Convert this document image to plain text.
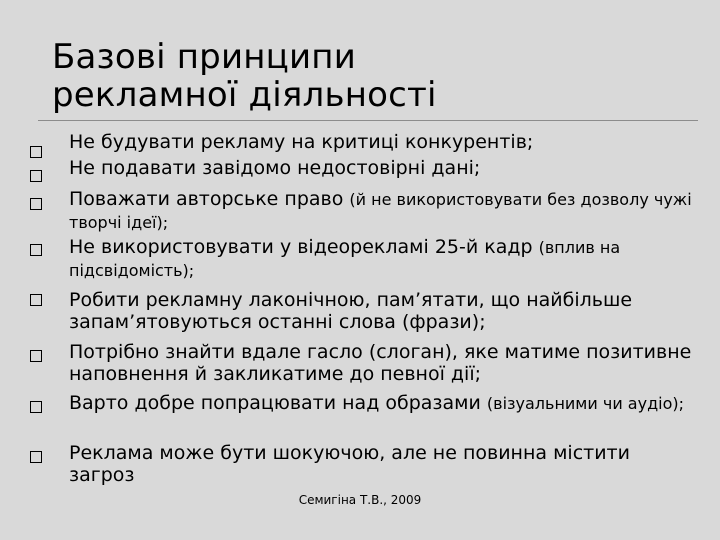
Базові принципи
рекламної діяльності
Не будувати рекламу на критиці конкурентів;
Не подавати завідомо недостовірні дані;
Поважати авторське право (й не використовувати без дозволу чужі творчі ідеї);
Не використовувати у відеорекламі 25-й кадр (вплив на підсвідомість);
Робити рекламну лаконічною, пам’ятати, що найбільше запам’ятовуються останні слова (фрази);
Потрібно знайти вдале гасло (слоган), яке матиме позитивне наповнення й закликатиме до певної дії;
Варто добре попрацювати над образами (візуальними чи аудіо);
Реклама може бути шокуючою, але не повинна містити загроз
Семигіна Т.В., 2009
